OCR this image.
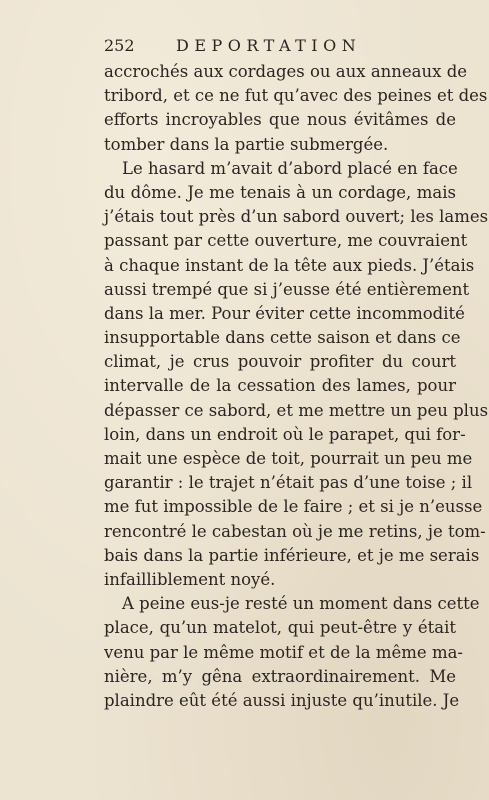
252	DEPORTATION
accrochés aux cordages ou aux anneaux de
tribord, et ce ne fut qu’avec des peines et des
efforts incroyables que nous évitâmes de
tomber dans la partie submergée.
Le hasard m’avait d’abord placé en face
du dôme. Je me tenais à un cordage, mais
j’étais tout près d’un sabord ouvert; les lames
passant par cette ouverture, me couvraient
à chaque instant de la tête aux pieds. J’étais
aussi trempé que si j’eusse été entièrement
dans la mer. Pour éviter cette incommodité
insupportable dans cette saison et dans ce
climat, je crus pouvoir profiter du court
intervalle de la cessation des lames, pour
dépasser ce sabord, et me mettre un peu plus
loin, dans un endroit où le parapet, qui for-
mait une espèce de toit, pourrait un peu me
garantir : le trajet n’était pas d’une toise ; il
me fut impossible de le faire ; et si je n’eusse
rencontré le cabestan où je me retins, je tom-
bais dans la partie inférieure, et je me serais
infailliblement noyé.
A peine eus-je resté un moment dans cette
place, qu’un matelot, qui peut-être y était
venu par le même motif et de la même ma-
nière, m’y gêna extraordinairement. Me
plaindre eût été aussi injuste qu’inutile. Je
